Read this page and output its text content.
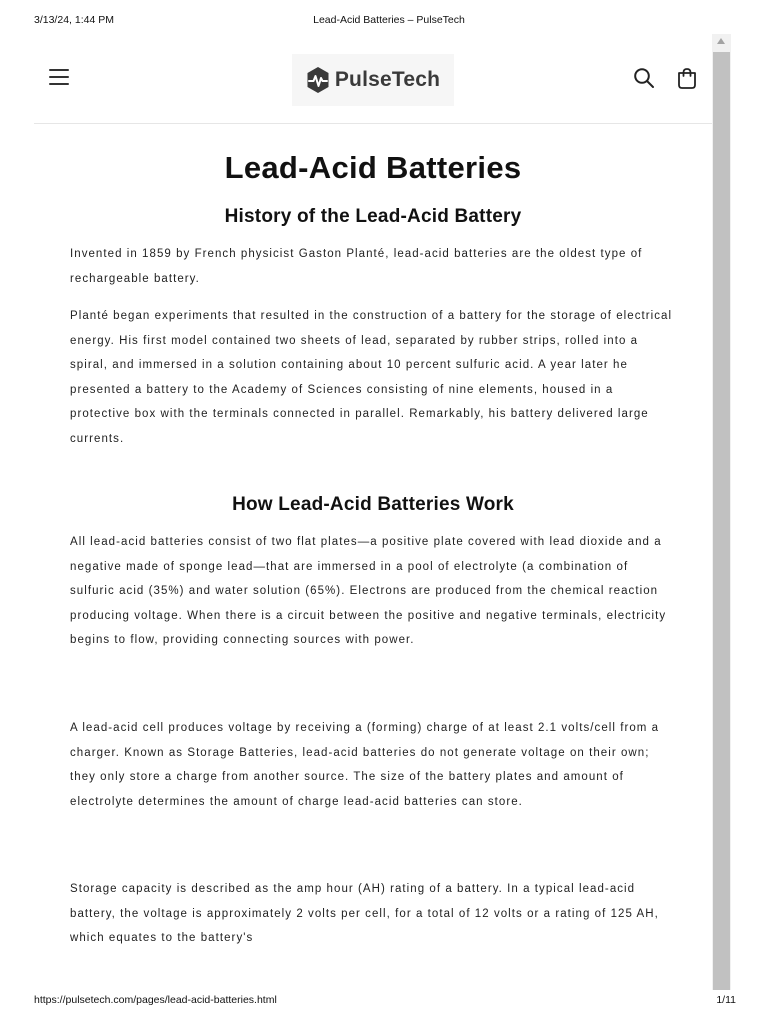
3/13/24, 1:44 PM	Lead-Acid Batteries – PulseTech
PulseTech
Lead-Acid Batteries
History of the Lead-Acid Battery

Invented in 1859 by French physicist Gaston Planté, lead-acid batteries are the oldest type of rechargeable battery.

Planté began experiments that resulted in the construction of a battery for the storage of electrical energy. His first model contained two sheets of lead, separated by rubber strips, rolled into a spiral, and immersed in a solution containing about 10 percent sulfuric acid. A year later he presented a battery to the Academy of Sciences consisting of nine elements, housed in a protective box with the terminals connected in parallel. Remarkably, his battery delivered large currents.

How Lead-Acid Batteries Work

All lead-acid batteries consist of two flat plates—a positive plate covered with lead dioxide and a negative made of sponge lead—that are immersed in a pool of electrolyte (a combination of sulfuric acid (35%) and water solution (65%). Electrons are produced from the chemical reaction producing voltage. When there is a circuit between the positive and negative terminals, electricity begins to flow, providing connecting sources with power.

A lead-acid cell produces voltage by receiving a (forming) charge of at least 2.1 volts/cell from a charger. Known as Storage Batteries, lead-acid batteries do not generate voltage on their own; they only store a charge from another source. The size of the battery plates and amount of electrolyte determines the amount of charge lead-acid batteries can store.

Storage capacity is described as the amp hour (AH) rating of a battery. In a typical lead-acid battery, the voltage is approximately 2 volts per cell, for a total of 12 volts or a rating of 125 AH, which equates to the battery's

https://pulsetech.com/pages/lead-acid-batteries.html	1/11
